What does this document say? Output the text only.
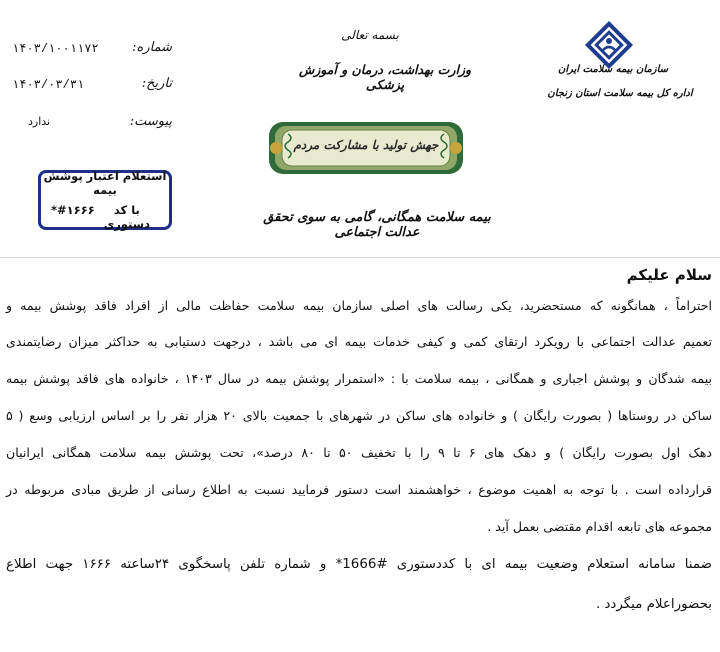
شماره:
۱۴۰۳/۱۰۰۱۱۷۲
تاریخ:
۱۴۰۳/۰۳/۳۱
پیوست:
ندارد
استعلام اعتبار پوشش بیمه
با کد دستوری
#۱۶۶۶*
بسمه تعالی
وزارت بهداشت، درمان و آموزش پزشکی
جهش تولید با مشارکت مردم
بیمه سلامت همگانی، گامی به سوی تحقق عدالت اجتماعی
سازمان بیمه سلامت ایران
اداره کل بیمه سلامت استان زنجان
سلام علیکم
احتراماً ، همانگونه که مستحضرید، یکی رسالت های اصلی سازمان بیمه سلامت حفاظت مالی از افراد فاقد پوشش بیمه و
تعمیم عدالت اجتماعی با رویکرد ارتقای کمی و کیفی خدمات بیمه ای می باشد ، درجهت دستیابی به حداکثر میزان رضایتمندی
بیمه شدگان و پوشش اجباری و همگانی ، بیمه سلامت با : «استمرار پوشش بیمه در سال ۱۴۰۳ ، خانواده های فاقد پوشش بیمه
ساکن در روستاها ( بصورت رایگان ) و خانواده های ساکن در شهرهای با جمعیت بالای ۲۰ هزار نفر را بر اساس ارزیابی وسع ( ۵
دهک اول بصورت رایگان ) و دهک های ۶ تا ۹ را با تخفیف ۵۰ تا ۸۰ درصد»، تحت پوشش بیمه سلامت همگانی ایرانیان
قرارداده است . با توجه به اهمیت موضوع ، خواهشمند است دستور فرمایید نسبت به اطلاع رسانی از طریق مبادی مربوطه در
مجموعه های تابعه اقدام مقتضی بعمل آید .
ضمنا سامانه استعلام وضعیت بیمه ای با کددستوری #1666* و شماره تلفن پاسخگوی ۲۴ساعته ۱۶۶۶ جهت اطلاع
بحضوراعلام میگردد .
